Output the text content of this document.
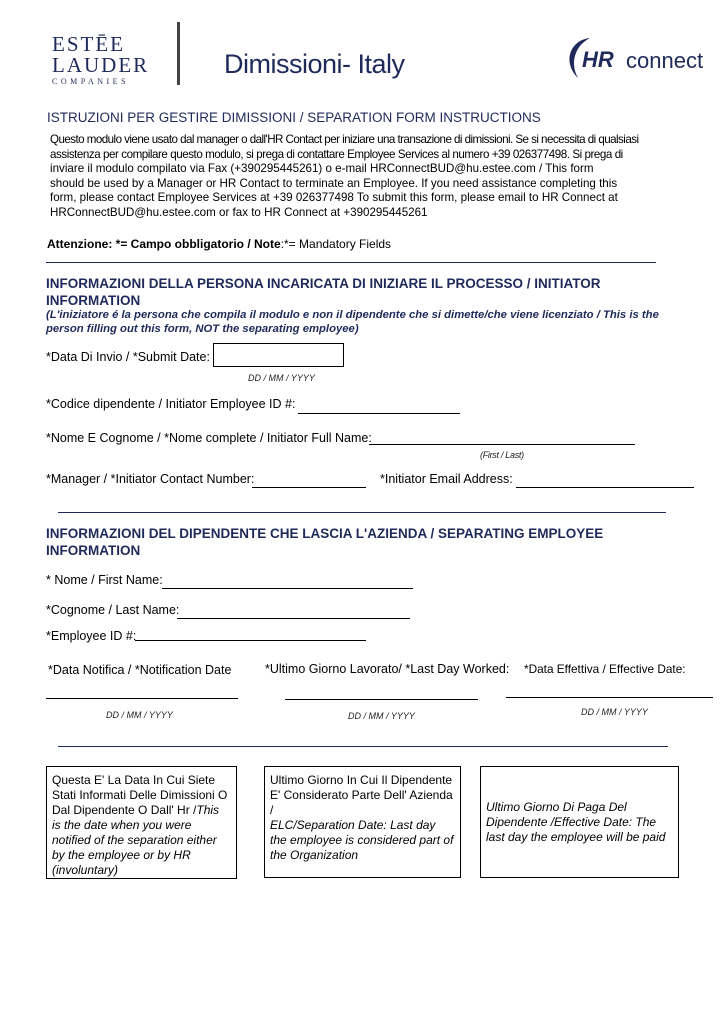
ESTĒE
LAUDER
COMPANIES
Dimissioni- Italy	HR connect
ISTRUZIONI PER GESTIRE DIMISSIONI / SEPARATION FORM INSTRUCTIONS
Questo modulo viene usato dal manager o dall'HR Contact per iniziare una transazione di dimissioni. Se si necessita di qualsiasi
assistenza per compilare questo modulo, si prega di contattare Employee Services al numero +39 026377498. Si prega di
inviare il modulo compilato via Fax (+390295445261) o e-mail HRConnectBUD@hu.estee.com / This form
should be used by a Manager or HR Contact to terminate an Employee. If you need assistance completing this
form, please contact Employee Services at +39 026377498 To submit this form, please email to HR Connect at
HRConnectBUD@hu.estee.com or fax to HR Connect at +390295445261
Attenzione: *= Campo obbligatorio / Note:*= Mandatory Fields
INFORMAZIONI DELLA PERSONA INCARICATA DI INIZIARE IL PROCESSO / INITIATOR
INFORMATION
(L'iniziatore é la persona che compila il modulo e non il dipendente che si dimette/che viene licenziato / This is the
person filling out this form, NOT the separating employee)
*Data Di Invio / *Submit Date:
DD / MM / YYYY
*Codice dipendente / Initiator Employee ID #:
*Nome E Cognome / *Nome complete / Initiator Full Name:
(First / Last)
*Manager / *Initiator Contact Number:	*Initiator Email Address:
INFORMAZIONI DEL DIPENDENTE CHE LASCIA L'AZIENDA / SEPARATING EMPLOYEE
INFORMATION
* Nome / First Name:
*Cognome / Last Name:
*Employee ID #:
*Data Notifica / *Notification Date	*Ultimo Giorno Lavorato/ *Last Day Worked: *Data Effettiva / Effective Date:
DD / MM / YYYY	DD / MM / YYYY	DD / MM / YYYY
Questa E' La Data In Cui Siete Stati Informati Delle Dimissioni O Dal Dipendente O Dall' Hr /This is the date when you were notified of the separation either by the employee or by HR (involuntary)
Ultimo Giorno In Cui Il Dipendente E' Considerato Parte Dell' Azienda /
ELC/Separation Date: Last day the employee is considered part of the Organization
Ultimo Giorno Di Paga Del Dipendente /Effective Date: The last day the employee will be paid
